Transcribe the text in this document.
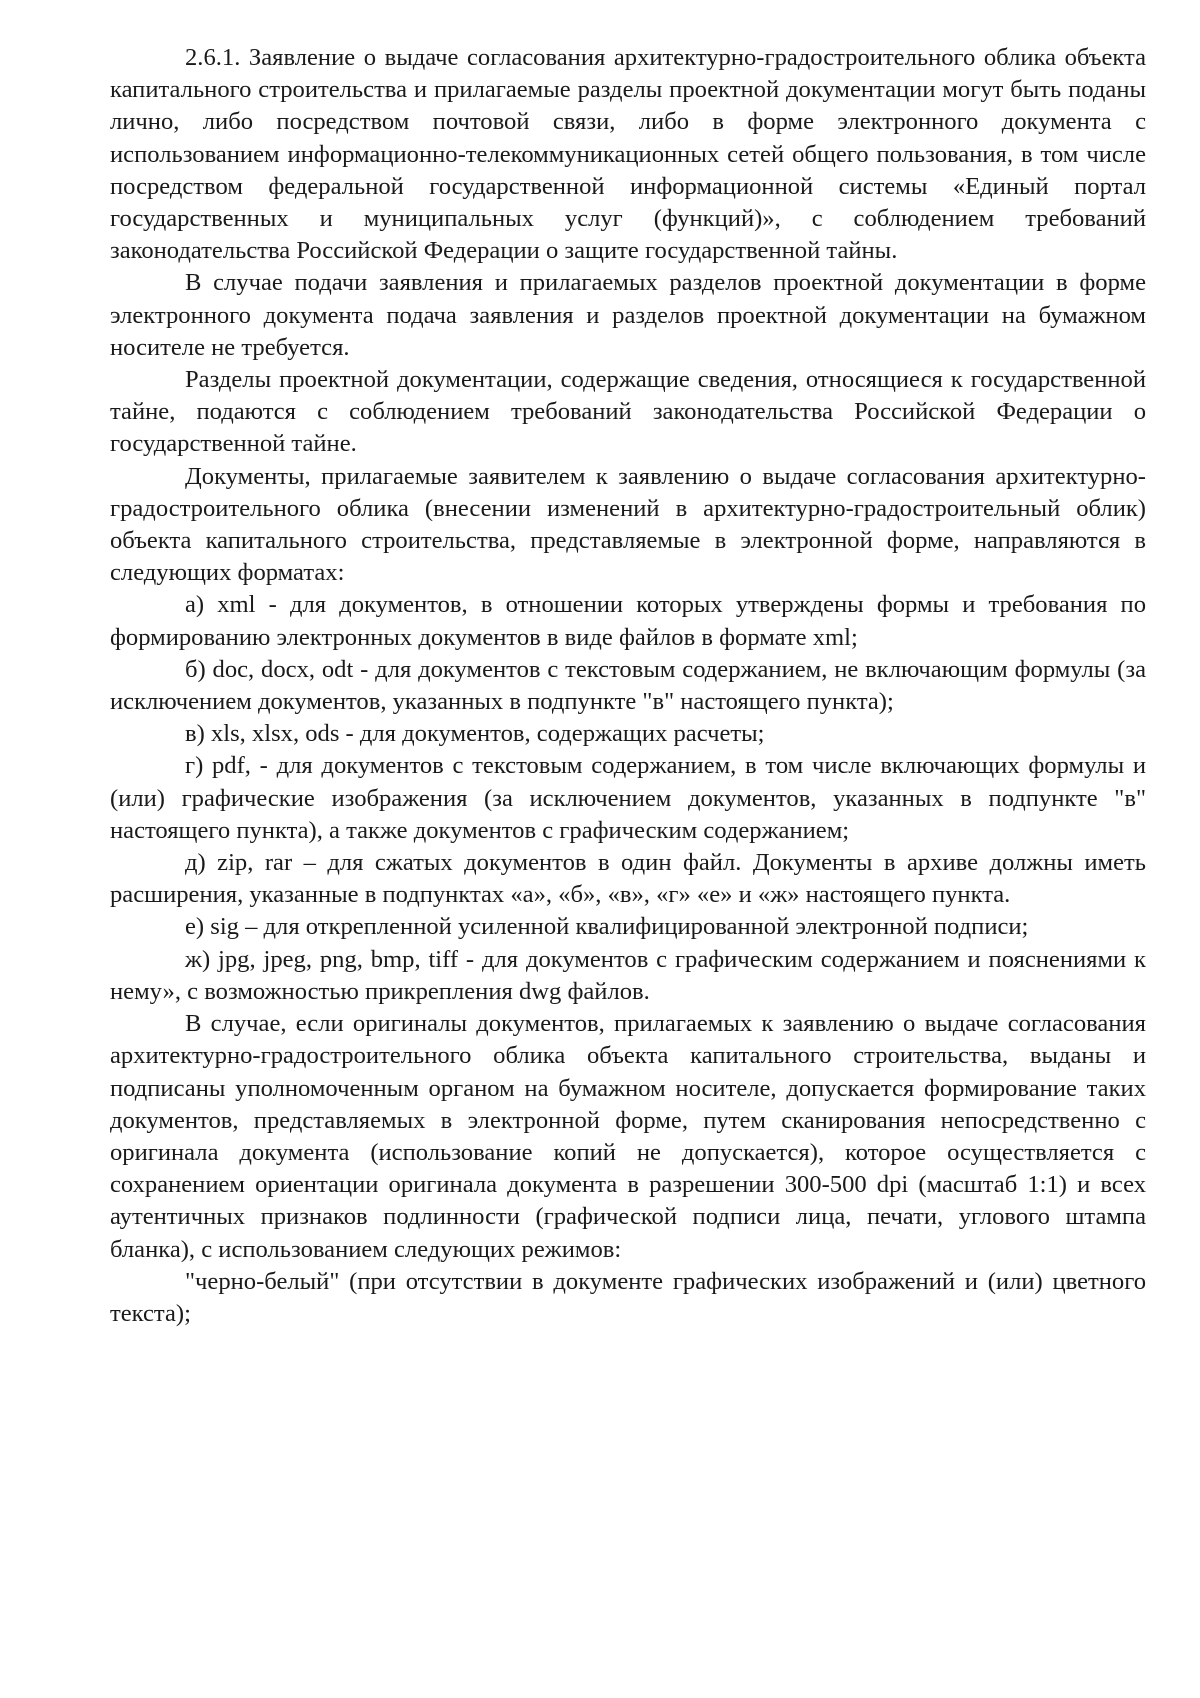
2.6.1. Заявление о выдаче согласования архитектурно-градостроительного облика объекта капитального строительства и прилагаемые разделы проектной документации могут быть поданы лично, либо посредством почтовой связи, либо в форме электронного документа с использованием информационно-телекоммуникационных сетей общего пользования, в том числе посредством федеральной государственной информационной системы «Единый портал государственных и муниципальных услуг (функций)», с соблюдением требований законодательства Российской Федерации о защите государственной тайны.

В случае подачи заявления и прилагаемых разделов проектной документации в форме электронного документа подача заявления и разделов проектной документации на бумажном носителе не требуется.

Разделы проектной документации, содержащие сведения, относящиеся к государственной тайне, подаются с соблюдением требований законодательства Российской Федерации о государственной тайне.

Документы, прилагаемые заявителем к заявлению о выдаче согласования архитектурно-градостроительного облика (внесении изменений в архитектурно-градостроительный облик) объекта капитального строительства, представляемые в электронной форме, направляются в следующих форматах:

а) xml - для документов, в отношении которых утверждены формы и требования по формированию электронных документов в виде файлов в формате xml;

б) doc, docx, odt - для документов с текстовым содержанием, не включающим формулы (за исключением документов, указанных в подпункте "в" настоящего пункта);

в) xls, xlsx, ods - для документов, содержащих расчеты;

г) pdf, - для документов с текстовым содержанием, в том числе включающих формулы и (или) графические изображения (за исключением документов, указанных в подпункте "в" настоящего пункта), а также документов с графическим содержанием;

д) zip, rar – для сжатых документов в один файл. Документы в архиве должны иметь расширения, указанные в подпунктах «а», «б», «в», «г» «е» и «ж» настоящего пункта.

е) sig – для открепленной усиленной квалифицированной электронной подписи;

ж) jpg, jpeg, png, bmp, tiff - для документов с графическим содержанием и пояснениями к нему», с возможностью прикрепления dwg файлов.

В случае, если оригиналы документов, прилагаемых к заявлению о выдаче согласования архитектурно-градостроительного облика объекта капитального строительства, выданы и подписаны уполномоченным органом на бумажном носителе, допускается формирование таких документов, представляемых в электронной форме, путем сканирования непосредственно с оригинала документа (использование копий не допускается), которое осуществляется с сохранением ориентации оригинала документа в разрешении 300-500 dpi (масштаб 1:1) и всех аутентичных признаков подлинности (графической подписи лица, печати, углового штампа бланка), с использованием следующих режимов:

"черно-белый" (при отсутствии в документе графических изображений и (или) цветного текста);
